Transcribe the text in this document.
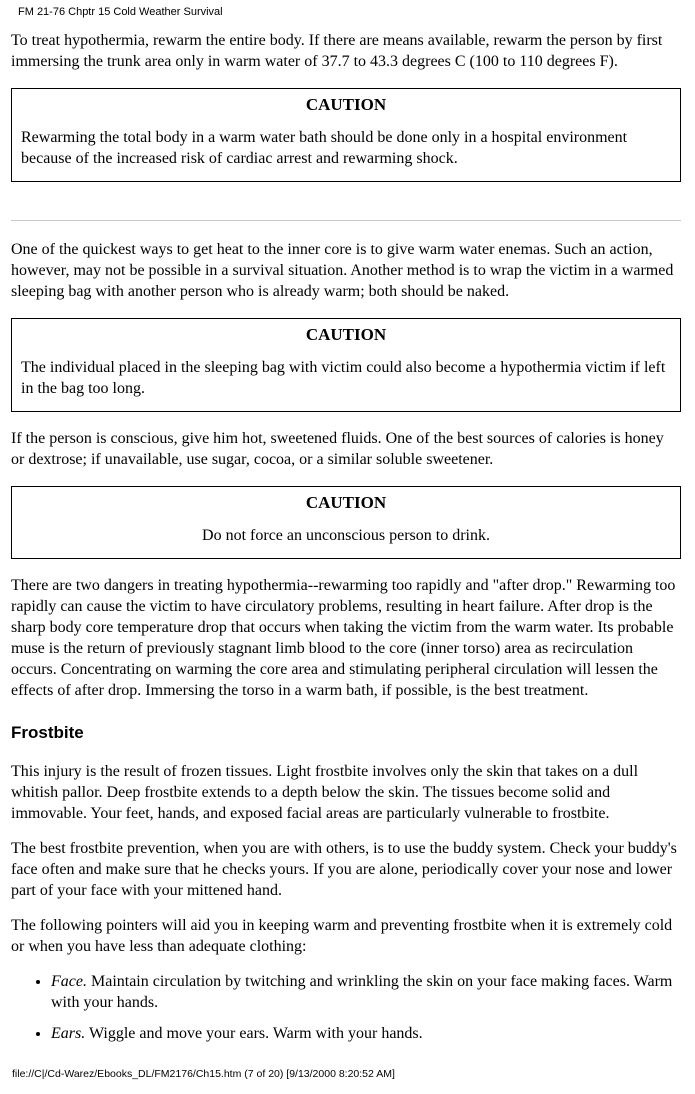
FM 21-76 Chptr 15 Cold Weather Survival

To treat hypothermia, rewarm the entire body. If there are means available, rewarm the person by first immersing the trunk area only in warm water of 37.7 to 43.3 degrees C (100 to 110 degrees F).

CAUTION
Rewarming the total body in a warm water bath should be done only in a hospital environment because of the increased risk of cardiac arrest and rewarming shock.

One of the quickest ways to get heat to the inner core is to give warm water enemas. Such an action, however, may not be possible in a survival situation. Another method is to wrap the victim in a warmed sleeping bag with another person who is already warm; both should be naked.

CAUTION
The individual placed in the sleeping bag with victim could also become a hypothermia victim if left in the bag too long.

If the person is conscious, give him hot, sweetened fluids. One of the best sources of calories is honey or dextrose; if unavailable, use sugar, cocoa, or a similar soluble sweetener.

CAUTION
Do not force an unconscious person to drink.

There are two dangers in treating hypothermia--rewarming too rapidly and "after drop." Rewarming too rapidly can cause the victim to have circulatory problems, resulting in heart failure. After drop is the sharp body core temperature drop that occurs when taking the victim from the warm water. Its probable muse is the return of previously stagnant limb blood to the core (inner torso) area as recirculation occurs. Concentrating on warming the core area and stimulating peripheral circulation will lessen the effects of after drop. Immersing the torso in a warm bath, if possible, is the best treatment.

Frostbite

This injury is the result of frozen tissues. Light frostbite involves only the skin that takes on a dull whitish pallor. Deep frostbite extends to a depth below the skin. The tissues become solid and immovable. Your feet, hands, and exposed facial areas are particularly vulnerable to frostbite.

The best frostbite prevention, when you are with others, is to use the buddy system. Check your buddy's face often and make sure that he checks yours. If you are alone, periodically cover your nose and lower part of your face with your mittened hand.

The following pointers will aid you in keeping warm and preventing frostbite when it is extremely cold or when you have less than adequate clothing:

• Face. Maintain circulation by twitching and wrinkling the skin on your face making faces. Warm with your hands.
• Ears. Wiggle and move your ears. Warm with your hands.
file://C|/Cd-Warez/Ebooks_DL/FM2176/Ch15.htm (7 of 20) [9/13/2000 8:20:52 AM]
